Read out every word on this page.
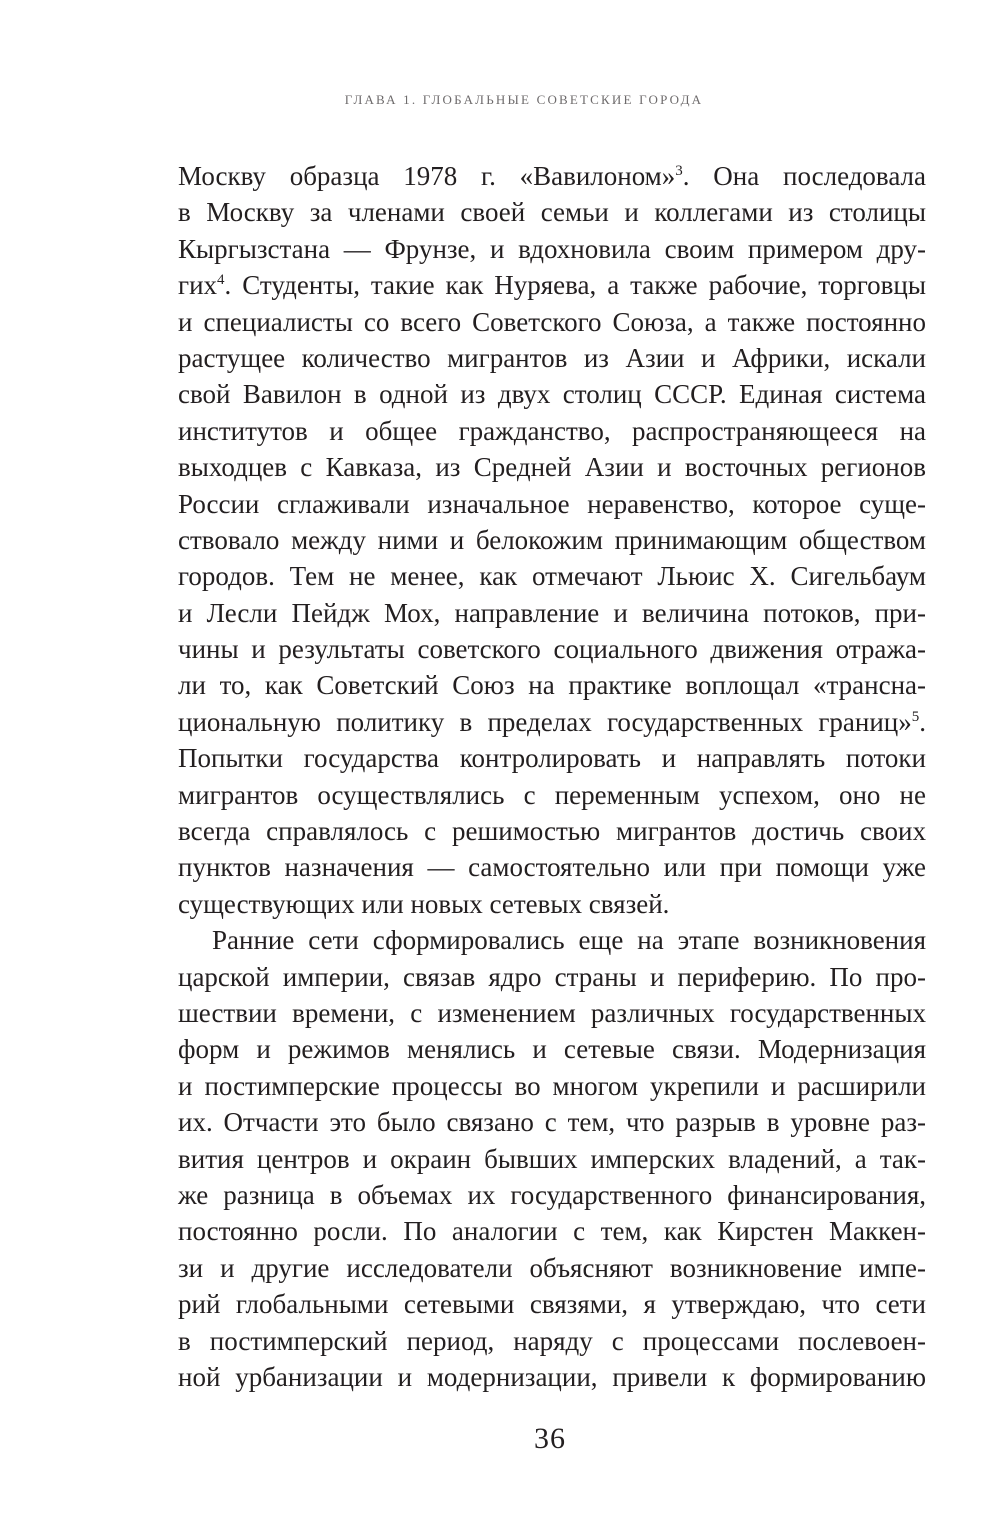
ГЛАВА 1. ГЛОБАЛЬНЫЕ СОВЕТСКИЕ ГОРОДА
Москву образца 1978 г. «Вавилоном»$^3$. Она последовала
в Москву за членами своей семьи и коллегами из столицы
Кыргызстана — Фрунзе, и вдохновила своим примером дру-
гих$^4$. Студенты, такие как Нуряева, а также рабочие, торговцы
и специалисты со всего Советского Союза, а также постоянно
растущее количество мигрантов из Азии и Африки, искали
свой Вавилон в одной из двух столиц СССР. Единая система
институтов и общее гражданство, распространяющееся на
выходцев с Кавказа, из Средней Азии и восточных регионов
России сглаживали изначальное неравенство, которое суще-
ствовало между ними и белокожим принимающим обществом
городов. Тем не менее, как отмечают Льюис Х. Сигельбаум
и Лесли Пейдж Мох, направление и величина потоков, при-
чины и результаты советского социального движения отража-
ли то, как Советский Союз на практике воплощал «трансна-
циональную политику в пределах государственных границ»$^5$.
Попытки государства контролировать и направлять потоки
мигрантов осуществлялись с переменным успехом, оно не
всегда справлялось с решимостью мигрантов достичь своих
пунктов назначения — самостоятельно или при помощи уже
существующих или новых сетевых связей.
Ранние сети сформировались еще на этапе возникновения
царской империи, связав ядро страны и периферию. По про-
шествии времени, с изменением различных государственных
форм и режимов менялись и сетевые связи. Модернизация
и постимперские процессы во многом укрепили и расширили
их. Отчасти это было связано с тем, что разрыв в уровне раз-
вития центров и окраин бывших имперских владений, а так-
же разница в объемах их государственного финансирования,
постоянно росли. По аналогии с тем, как Кирстен Маккен-
зи и другие исследователи объясняют возникновение импе-
рий глобальными сетевыми связями, я утверждаю, что сети
в постимперский период, наряду с процессами послевоен-
ной урбанизации и модернизации, привели к формированию
36
